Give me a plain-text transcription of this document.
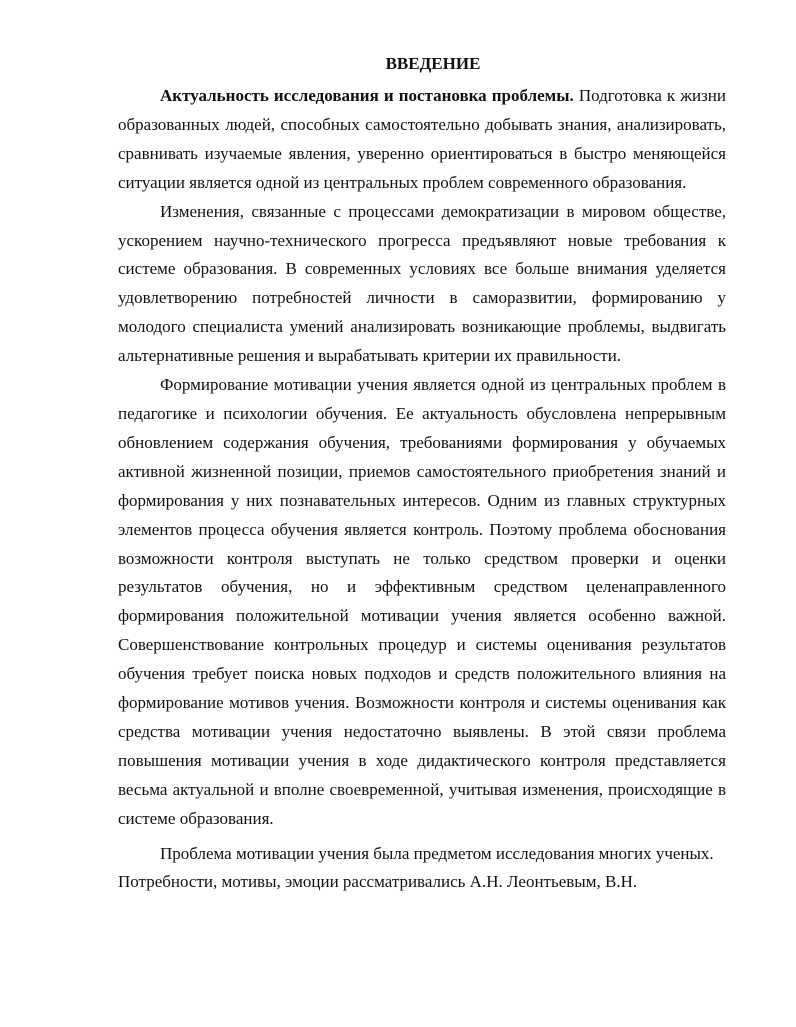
ВВЕДЕНИЕ

Актуальность исследования и постановка проблемы. Подготовка к жизни образованных людей, способных самостоятельно добывать знания, анализировать, сравнивать изучаемые явления, уверенно ориентироваться в быстро меняющейся ситуации является одной из центральных проблем современного образования.

Изменения, связанные с процессами демократизации в мировом обществе, ускорением научно-технического прогресса предъявляют новые требования к системе образования. В современных условиях все больше внимания уделяется удовлетворению потребностей личности в саморазвитии, формированию у молодого специалиста умений анализировать возникающие проблемы, выдвигать альтернативные решения и вырабатывать критерии их правильности.

Формирование мотивации учения является одной из центральных проблем в педагогике и психологии обучения. Ее актуальность обусловлена непрерывным обновлением содержания обучения, требованиями формирования у обучаемых активной жизненной позиции, приемов самостоятельного приобретения знаний и формирования у них познавательных интересов. Одним из главных структурных элементов процесса обучения является контроль. Поэтому проблема обоснования возможности контроля выступать не только средством проверки и оценки результатов обучения, но и эффективным средством целенаправленного формирования положительной мотивации учения является особенно важной. Совершенствование контрольных процедур и системы оценивания результатов обучения требует поиска новых подходов и средств положительного влияния на формирование мотивов учения. Возможности контроля и системы оценивания как средства мотивации учения недостаточно выявлены. В этой связи проблема повышения мотивации учения в ходе дидактического контроля представляется весьма актуальной и вполне своевременной, учитывая изменения, происходящие в системе образования.

Проблема мотивации учения была предметом исследования многих ученых. Потребности, мотивы, эмоции рассматривались А.Н. Леонтьевым, В.Н.
